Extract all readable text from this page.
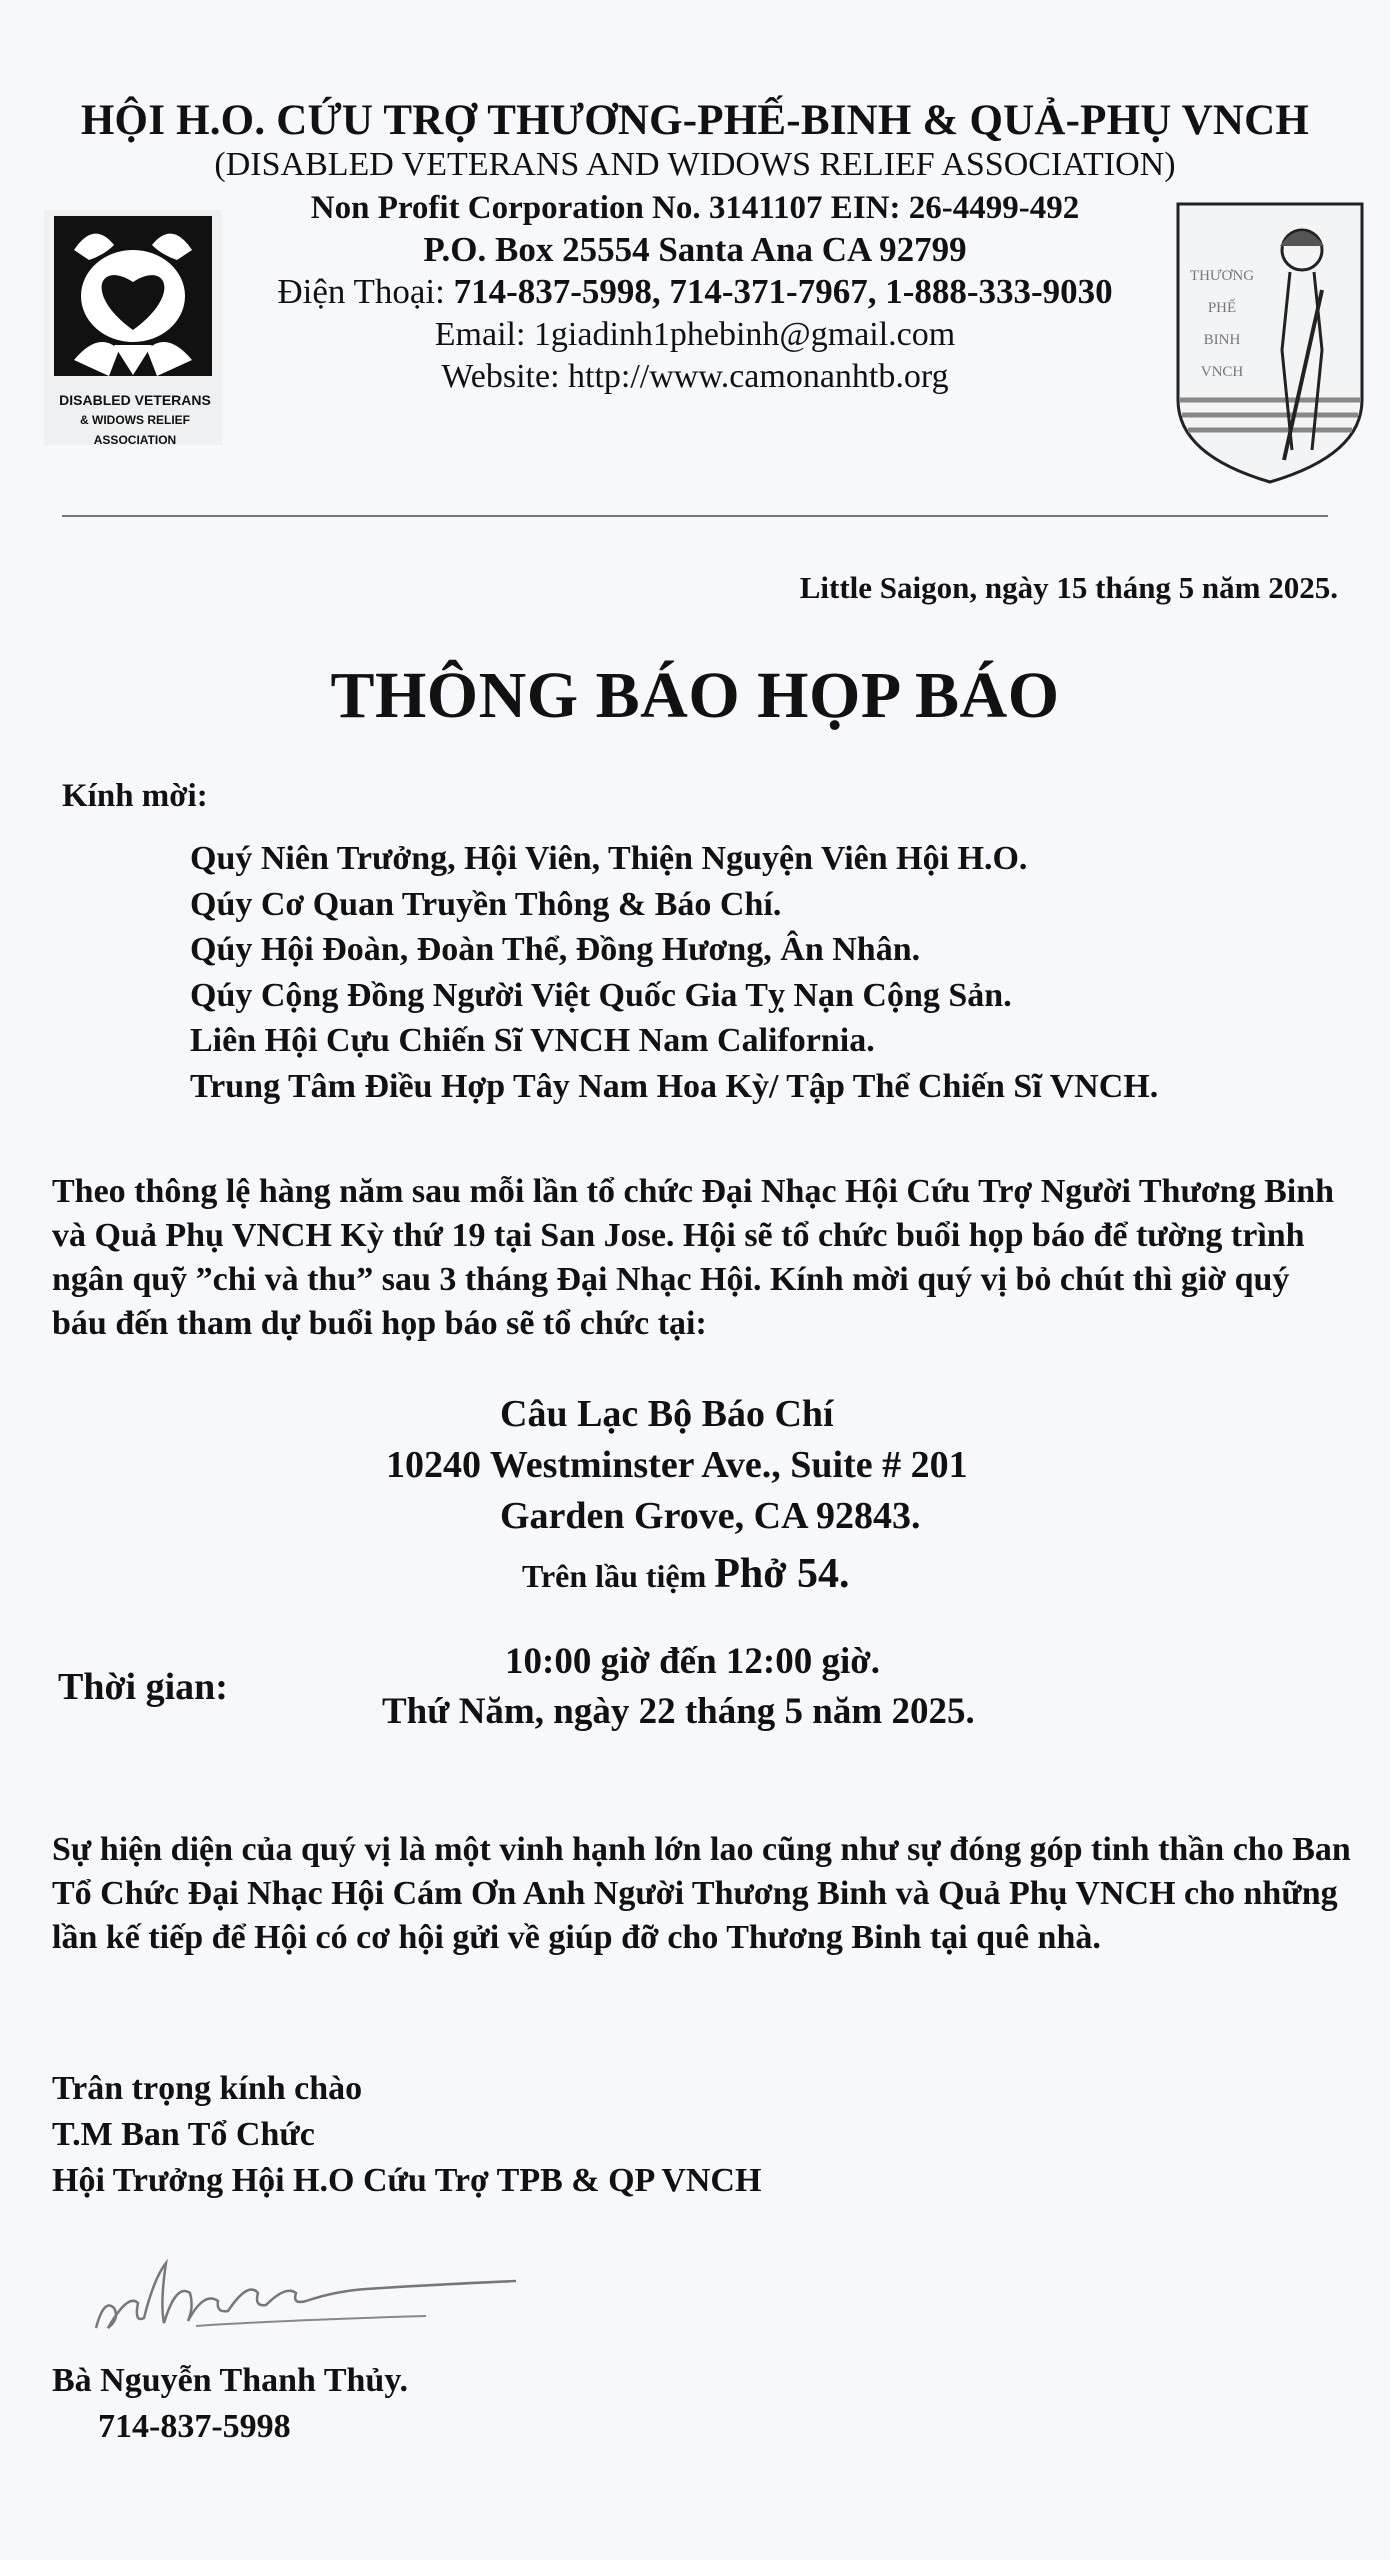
HỘI H.O. CỨU TRỢ THƯƠNG-PHẾ-BINH & QUẢ-PHỤ VNCH
(DISABLED VETERANS AND WIDOWS RELIEF ASSOCIATION)
Non Profit Corporation No. 3141107 EIN: 26-4499-492
P.O. Box 25554 Santa Ana CA 92799
Điện Thoại: 714-837-5998, 714-371-7967, 1-888-333-9030
Email: 1giadinh1phebinh@gmail.com
Website: http://www.camonanhtb.org
DISABLED VETERANS
& WIDOWS RELIEF ASSOCIATION
THƯƠNG
PHẾ
BINH
VNCH
Little Saigon, ngày 15 tháng 5 năm 2025.
THÔNG BÁO HỌP BÁO
Kính mời:
Quý Niên Trưởng, Hội Viên, Thiện Nguyện Viên Hội H.O.
Qúy Cơ Quan Truyền Thông & Báo Chí.
Qúy Hội Đoàn, Đoàn Thể, Đồng Hương, Ân Nhân.
Qúy Cộng Đồng Người Việt Quốc Gia Tỵ Nạn Cộng Sản.
Liên Hội Cựu Chiến Sĩ VNCH Nam California.
Trung Tâm Điều Hợp Tây Nam Hoa Kỳ/ Tập Thể Chiến Sĩ VNCH.
Theo thông lệ hàng năm sau mỗi lần tổ chức Đại Nhạc Hội Cứu Trợ Người Thương Binh và Quả Phụ VNCH Kỳ thứ 19 tại San Jose. Hội sẽ tổ chức buổi họp báo để tường trình ngân quỹ ”chi và thu” sau 3 tháng Đại Nhạc Hội. Kính mời quý vị bỏ chút thì giờ quý báu đến tham dự buổi họp báo sẽ tổ chức tại:
Câu Lạc Bộ Báo Chí
10240 Westminster Ave., Suite # 201
Garden Grove, CA 92843.
Trên lầu tiệm Phở 54.
Thời gian:
10:00 giờ đến 12:00 giờ.
Thứ Năm, ngày 22 tháng 5 năm 2025.
Sự hiện diện của quý vị là một vinh hạnh lớn lao cũng như sự đóng góp tinh thần cho Ban Tổ Chức Đại Nhạc Hội Cám Ơn Anh Người Thương Binh và Quả Phụ VNCH cho những lần kế tiếp để Hội có cơ hội gửi về giúp đỡ cho Thương Binh tại quê nhà.
Trân trọng kính chào
T.M Ban Tổ Chức
Hội Trưởng Hội H.O Cứu Trợ TPB & QP VNCH
Bà Nguyễn Thanh Thủy.
714-837-5998
